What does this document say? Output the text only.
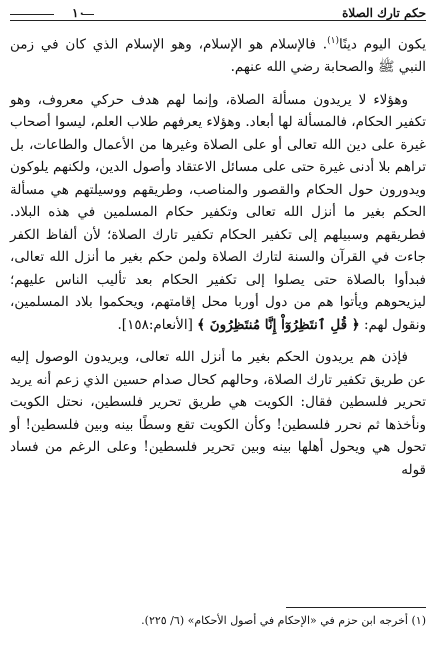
حكم تارك الصلاة
١٠

يكون اليوم دينًا$^{(١)}$. فالإسلام هو الإسلام، وهو الإسلام الذي كان في زمن النبي ﷺ والصحابة رضي الله عنهم.

وهؤلاء لا يريدون مسألة الصلاة، وإنما لهم هدف حركي معروف، وهو تكفير الحكام، فالمسألة لها أبعاد. وهؤلاء يعرفهم طلاب العلم، ليسوا أصحاب غيرة على دين الله تعالى أو على الصلاة وغيرها من الأعمال والطاعات، بل تراهم بلا أدنى غيرة حتى على مسائل الاعتقاد وأصول الدين، ولكنهم يلوكون ويدورون حول الحكام والقصور والمناصب، وطريقهم ووسيلتهم هي مسألة الحكم بغير ما أنزل الله تعالى وتكفير حكام المسلمين في هذه البلاد. فطريقهم وسبيلهم إلى تكفير الحكام تكفير تارك الصلاة؛ لأن ألفاظ الكفر جاءت في القرآن والسنة لتارك الصلاة ولمن حكم بغير ما أنزل الله تعالى، فبدأوا بالصلاة حتى يصلوا إلى تكفير الحكام بعد تأليب الناس عليهم؛ ليزيحوهم ويأتوا هم من دول أوربا محل إقامتهم، ويحكموا بلاد المسلمين، ونقول لهم: ﴿ قُلِ ٱنتَظِرُوٓاْ إِنَّا مُنتَظِرُونَ ﴾ [الأنعام:١٥٨].

فإذن هم يريدون الحكم بغير ما أنزل الله تعالى، ويريدون الوصول إليه عن طريق تكفير تارك الصلاة، وحالهم كحال صدام حسين الذي زعم أنه يريد تحرير فلسطين فقال: الكويت هي طريق تحرير فلسطين، نحتل الكويت ونأخذها ثم نحرر فلسطين! وكأن الكويت تقع وسطًا بينه وبين فلسطين! أو تحول هي ويحول أهلها بينه وبين تحرير فلسطين! وعلى الرغم من فساد قوله

(١) أخرجه ابن حزم في «الإحكام في أصول الأحكام» (٦/ ٢٢٥).
